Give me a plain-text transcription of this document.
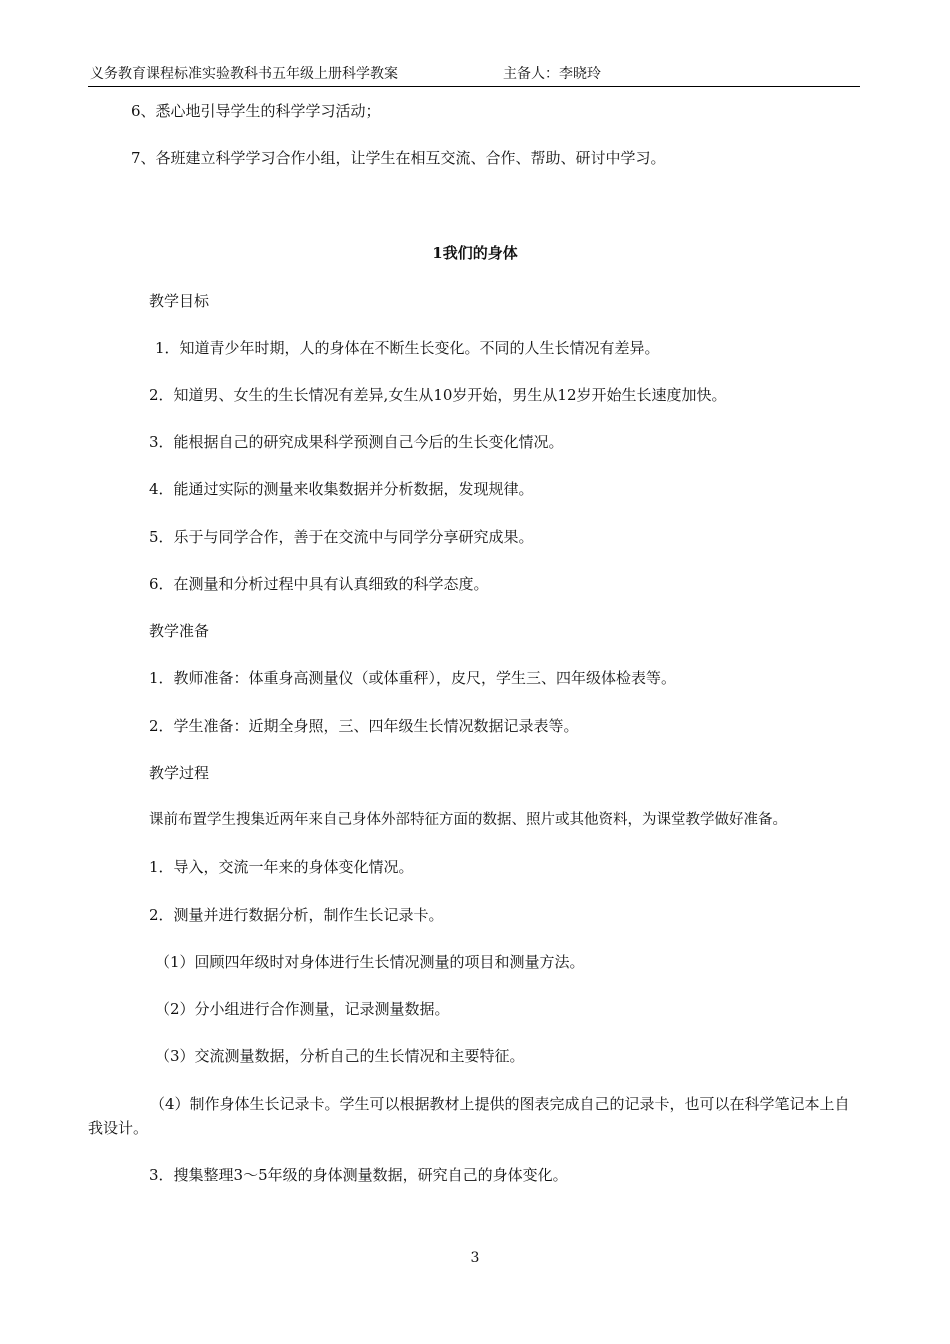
义务教育课程标准实验教科书五年级上册科学教案	主备人：李晓玲
6、悉心地引导学生的科学学习活动；
7、各班建立科学学习合作小组，让学生在相互交流、合作、帮助、研讨中学习。
1我们的身体
教学目标
1．知道青少年时期，人的身体在不断生长变化。不同的人生长情况有差异。
2．知道男、女生的生长情况有差异,女生从10岁开始，男生从12岁开始生长速度加快。
3．能根据自己的研究成果科学预测自己今后的生长变化情况。
4．能通过实际的测量来收集数据并分析数据，发现规律。
5．乐于与同学合作，善于在交流中与同学分享研究成果。
6．在测量和分析过程中具有认真细致的科学态度。
教学准备
1．教师准备：体重身高测量仪（或体重秤），皮尺，学生三、四年级体检表等。
2．学生准备：近期全身照，三、四年级生长情况数据记录表等。
教学过程
课前布置学生搜集近两年来自己身体外部特征方面的数据、照片或其他资料，为课堂教学做好准备。
1．导入，交流一年来的身体变化情况。
2．测量并进行数据分析，制作生长记录卡。
（1）回顾四年级时对身体进行生长情况测量的项目和测量方法。
（2）分小组进行合作测量，记录测量数据。
（3）交流测量数据，分析自己的生长情况和主要特征。
（4）制作身体生长记录卡。学生可以根据教材上提供的图表完成自己的记录卡，也可以在科学笔记本上自我设计。
3．搜集整理3～5年级的身体测量数据，研究自己的身体变化。
3
